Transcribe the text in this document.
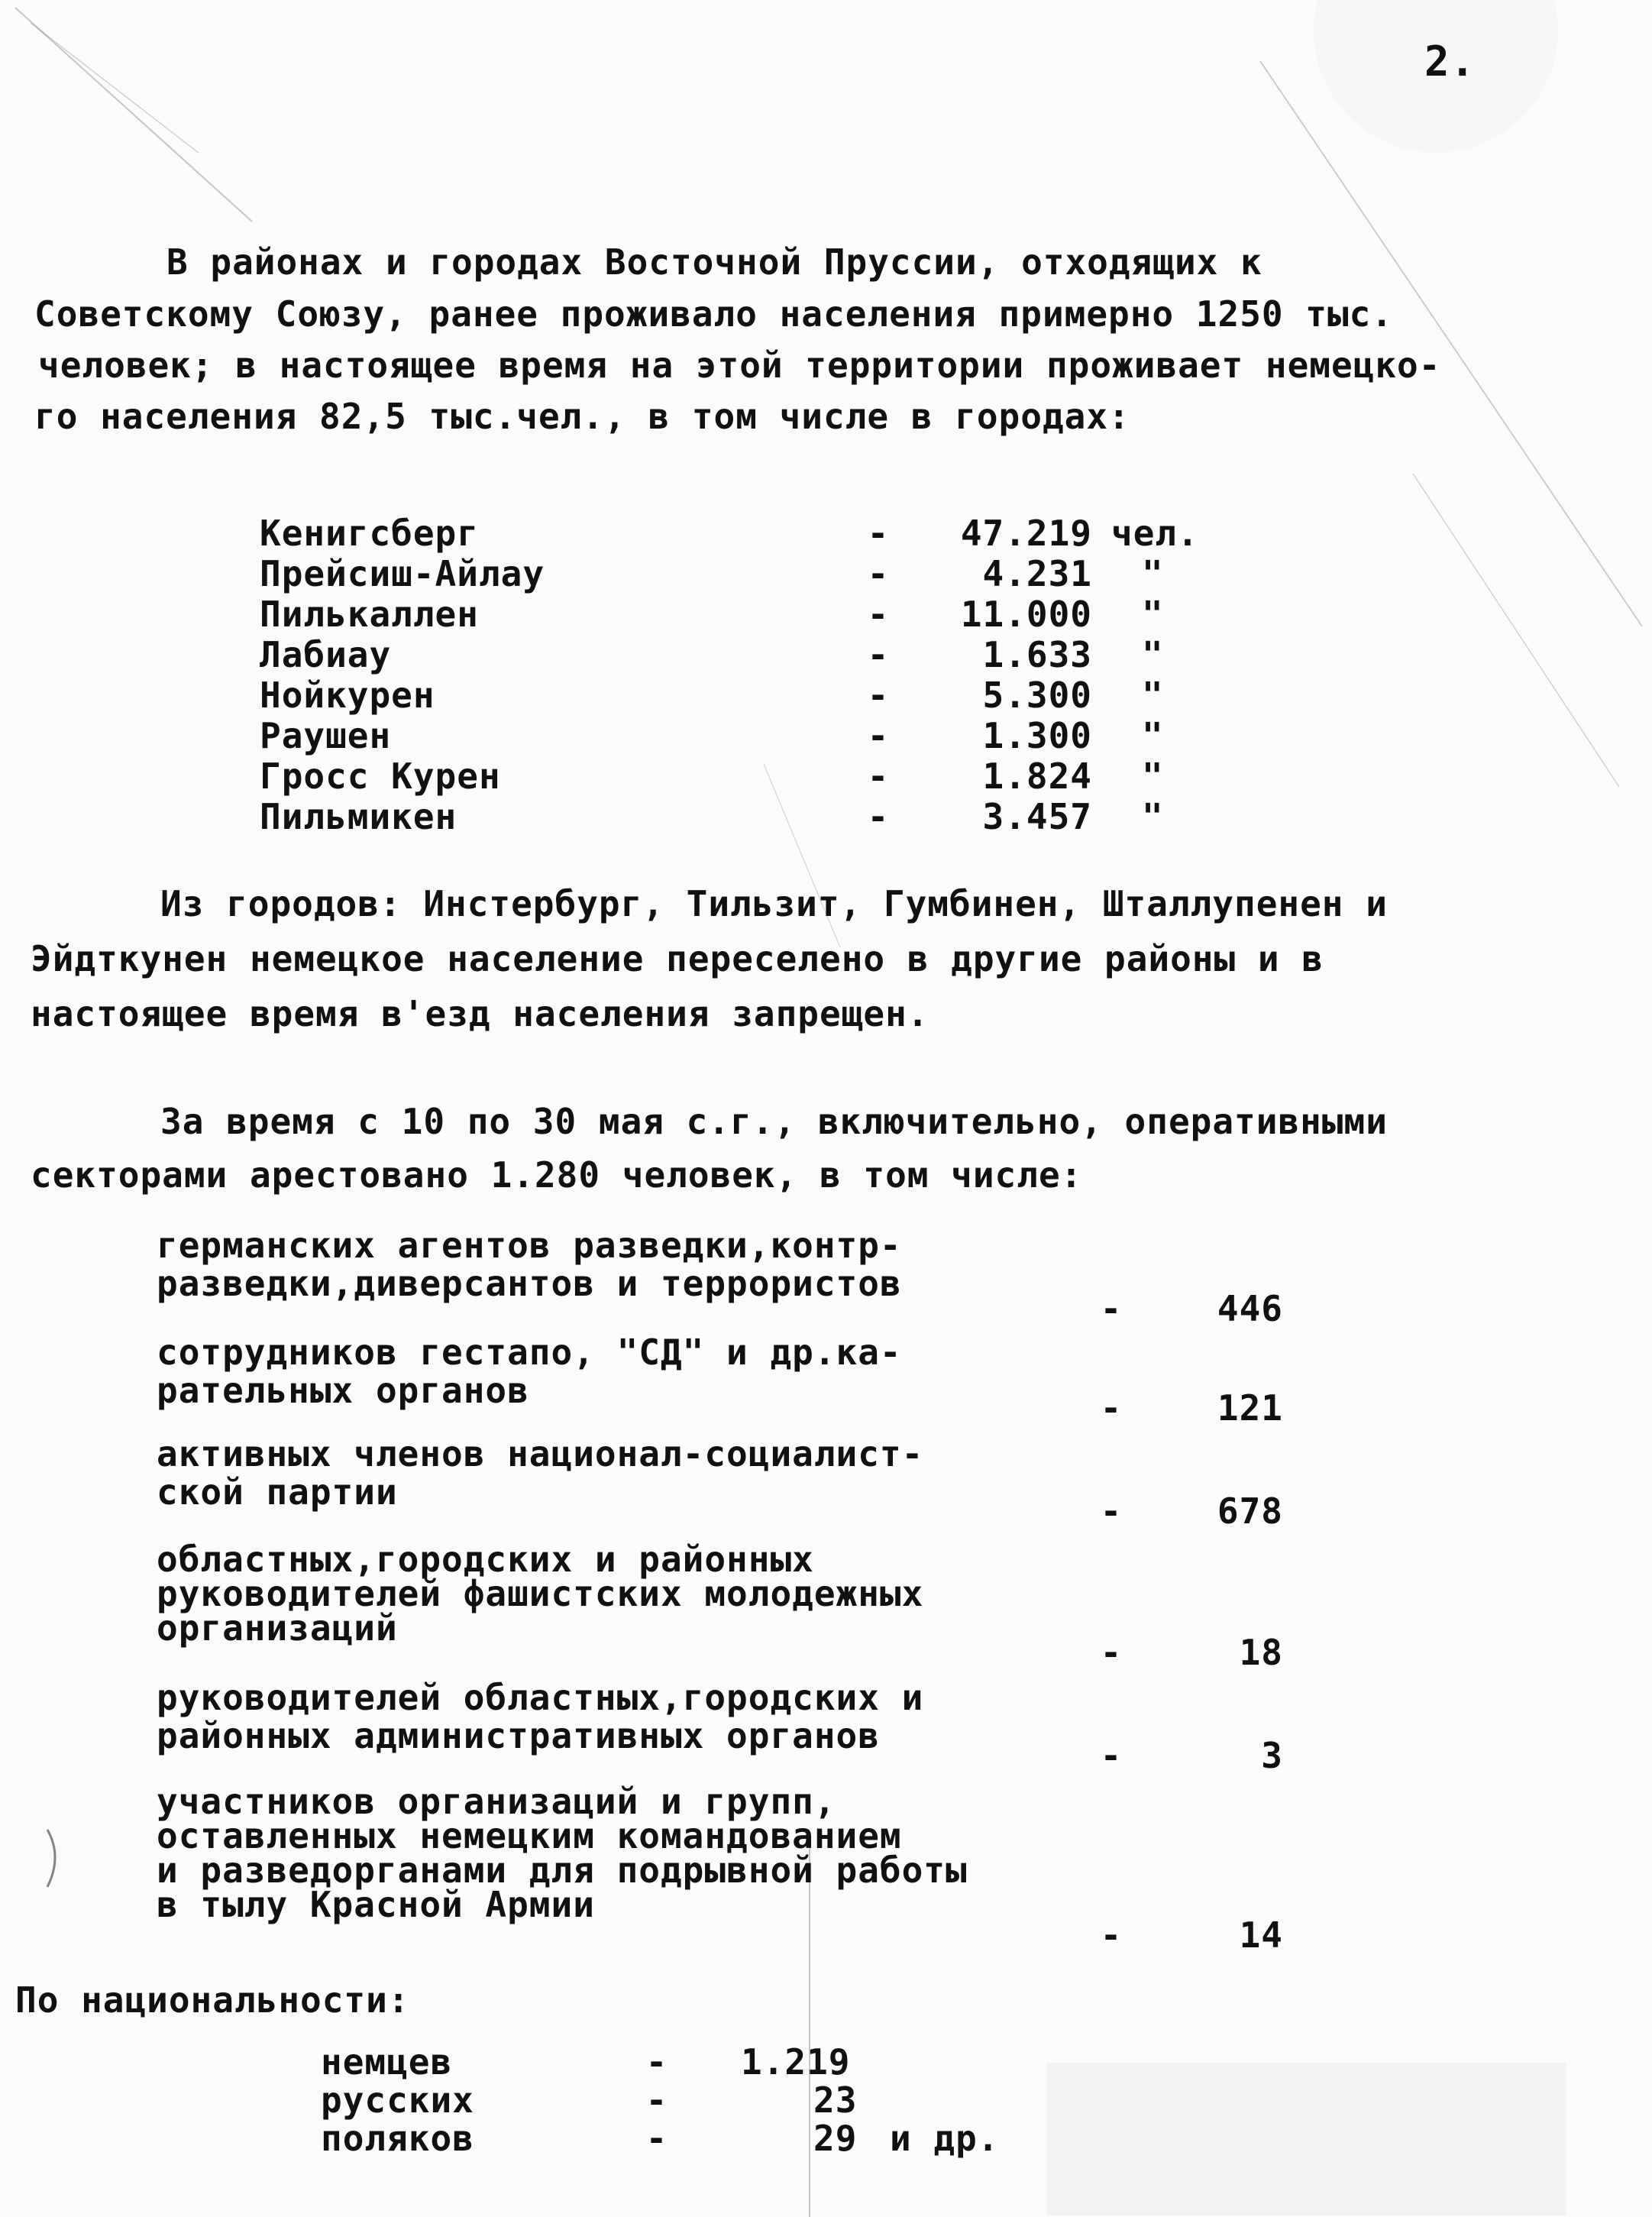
2.
В районах и городах Восточной Пруссии, отходящих к
Советскому Союзу, ранее проживало населения примерно 1250 тыс.
человек; в настоящее время на этой территории проживает немецко-
го населения 82,5 тыс.чел., в том числе в городах:
Кенигсберг	-	47.219 чел.
Прейсиш-Айлау	-	4.231 "
Пилькаллен	-	11.000 "
Лабиау	-	1.633 "
Нойкурен	-	5.300 "
Раушен	-	1.300 "
Гросс Курен	-	1.824 "
Пильмикен	-	3.457 "
Из городов: Инстербург, Тильзит, Гумбинен, Шталлупенен и
Эйдткунен немецкое население переселено в другие районы и в
настоящее время в'езд населения запрещен.
За время с 10 по 30 мая с.г., включительно, оперативными
секторами арестовано 1.280 человек, в том числе:
германских агентов разведки,контр-
разведки,диверсантов и террористов
-	446
сотрудников гестапо, "СД" и др.ка-
рательных органов	-	121
активных членов национал-социалист-
ской партии	-	678
областных,городских и районных
руководителей фашистских молодежных
организаций
-	18
руководителей областных,городских и
районных административных органов	-	3
участников организаций и групп,
оставленных немецким командованием
и разведорганами для подрывной работы
в тылу Красной Армии
-	14
По национальности:
немцев	- 1.219
русских	-	23
поляков	-	29 и др.
